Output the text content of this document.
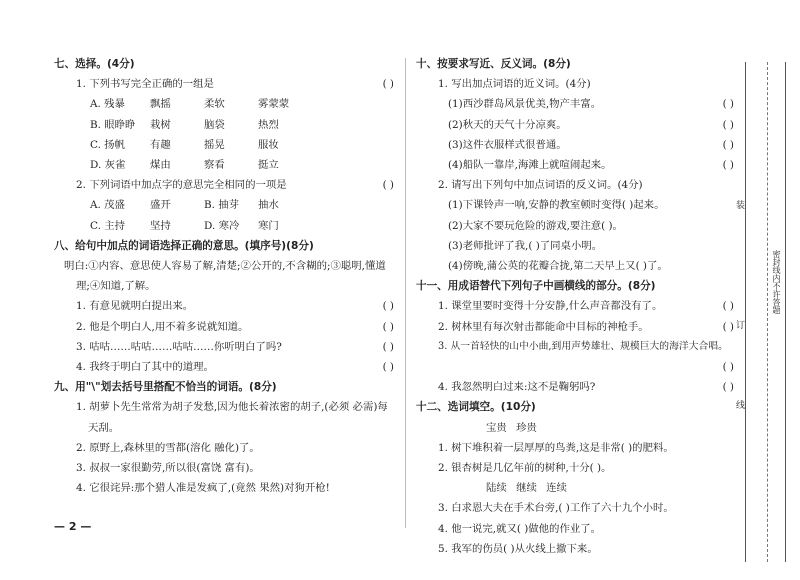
七、选择。(4分)
1. 下列书写完全正确的一组是	( )
A. 残暴 飘摇	柔软	雾蒙蒙
B. 眼睁睁 栽树	脑袋	热烈
C. 扬帆 有趣	摇晃	服妆
D. 灰雀 煤由	察看	挺立
2. 下列词语中加点字的意思完全相同的一项是	( )
A. 茂盛 盛开	B. 抽芽 抽水
C. 主持 坚持	D. 寒冷 寒门
八、给句中加点的词语选择正确的意思。(填序号)(8分)
明白:①内容、意思使人容易了解,清楚;②公开的,不含糊的;③聪明,懂道
理;④知道,了解。
1. 有意见就明白提出来。	( )
2. 他是个明白人,用不着多说就知道。	( )
3. 咕咕……咕咕……咕咕……你听明白了吗?	( )
4. 我终于明白了其中的道理。	( )
九、用"\"划去括号里搭配不恰当的词语。(8分)
1. 胡萝卜先生常常为胡子发愁,因为他长着浓密的胡子,(必须 必需)每
天刮。
2. 原野上,森林里的雪都(溶化 融化)了。
3. 叔叔一家很勤劳,所以很(富饶 富有)。
4. 它很诧异:那个猎人准是发疯了,(竟然 果然)对狗开枪!
十、按要求写近、反义词。(8分)
1. 写出加点词语的近义词。(4分)
(1)西沙群岛风景优美,物产丰富。	( )
(2)秋天的天气十分凉爽。	( )
(3)这件衣服样式很普通。	( )
(4)船队一靠岸,海滩上就喧闹起来。	( )
2. 请写出下列句中加点词语的反义词。(4分)
(1)下课铃声一响,安静的教室顿时变得( )起来。
(2)大家不要玩危险的游戏,要注意( )。
(3)老师批评了我,( )了同桌小明。
(4)傍晚,蒲公英的花瓣合拢,第二天早上又( )了。
十一、用成语替代下列句子中画横线的部分。(8分)
1. 课堂里要时变得十分安静,什么声音都没有了。	( )
2. 树林里有每次射击都能命中目标的神枪手。	( )
3. 从一首轻快的山中小曲,到用声势雄壮、规模巨大的海洋大合唱。
( )

4. 我忽然明白过来:这不是鞠躬吗?	( )
十二、选词填空。(10分)
宝贵 珍贵
1. 树下堆积着一层厚厚的鸟粪,这是非常( )的肥料。
2. 银杏树是几亿年前的树种,十分( )。
陆续 继续 连续
3. 白求恩大夫在手术台旁,( )工作了六十九个小时。
4. 他一说完,就又( )做他的作业了。
5. 我军的伤员( )从火线上撤下来。
装
订
线
密封线内不许答题
— 2 —
